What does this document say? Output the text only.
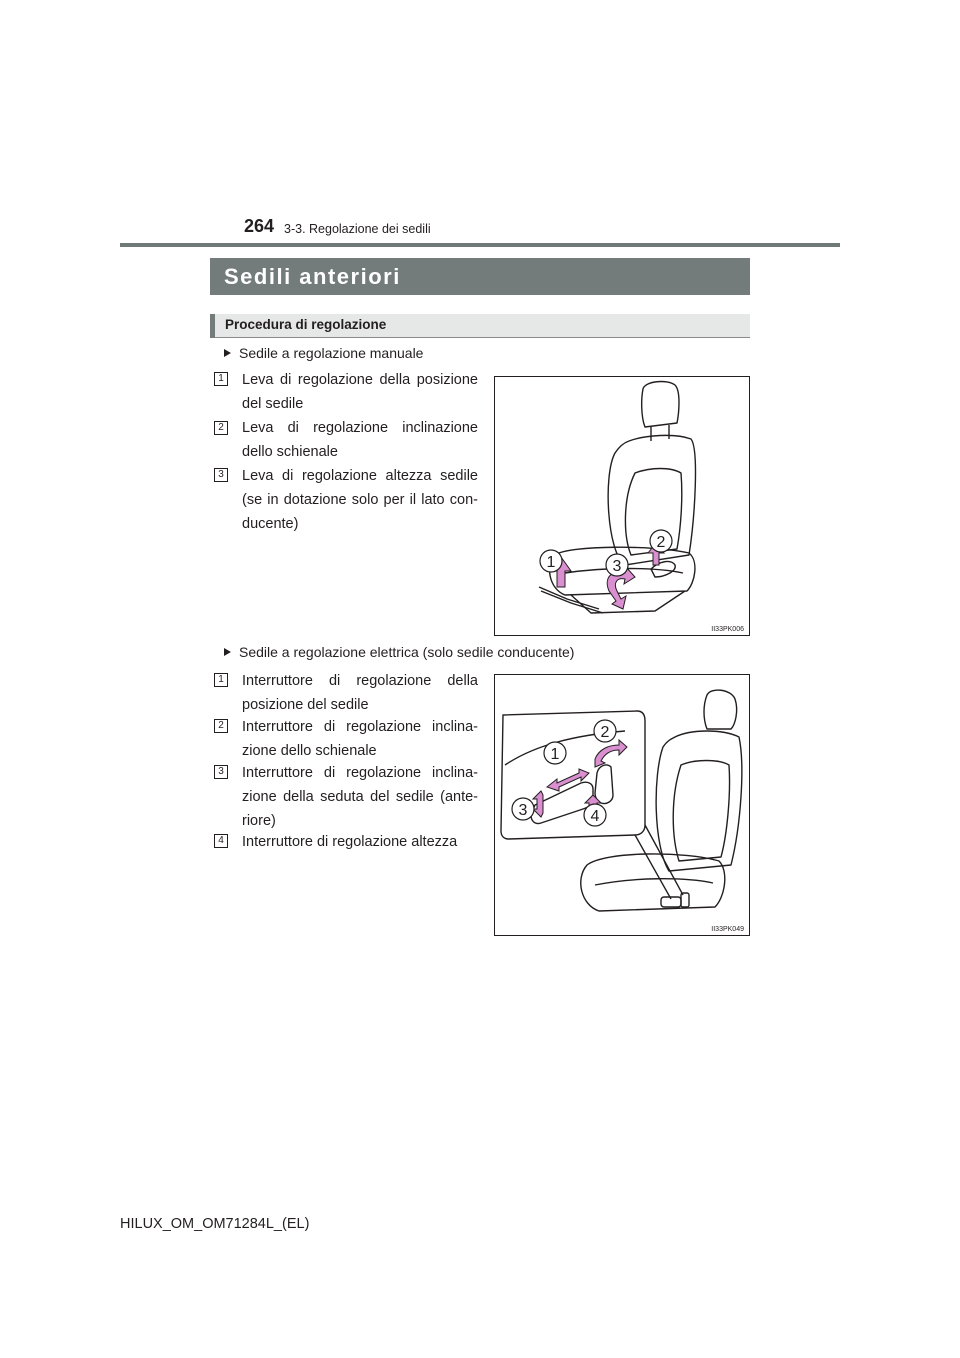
264 3-3. Regolazione dei sedili
Sedili anteriori
Procedura di regolazione
Sedile a regolazione manuale
1 Leva di regolazione della posizione del sedile
2 Leva di regolazione inclinazione dello schienale
3 Leva di regolazione altezza sedile (se in dotazione solo per il lato con-ducente)
1
2
3
II33PK006
Sedile a regolazione elettrica (solo sedile conducente)
1 Interruttore di regolazione della posizione del sedile
2 Interruttore di regolazione inclina-zione dello schienale
3 Interruttore di regolazione inclina-zione della seduta del sedile (ante-riore)
4 Interruttore di regolazione altezza
1
2
3	4
II33PK049
HILUX_OM_OM71284L_(EL)
